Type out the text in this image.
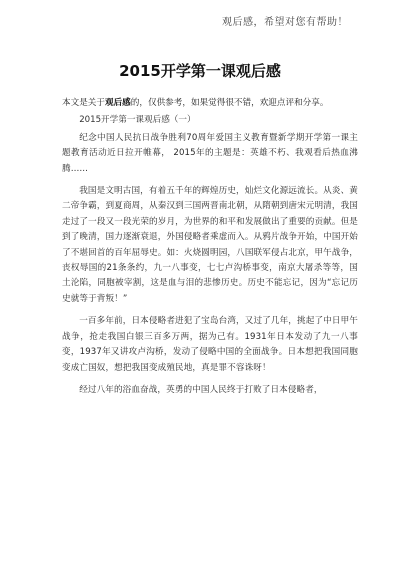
观后感，希望对您有帮助！
2015开学第一课观后感

本文是关于观后感的，仅供参考，如果觉得很不错，欢迎点评和分享。

2015开学第一课观后感（一）

纪念中国人民抗日战争胜利70周年爱国主义教育暨新学期开学第一课主题教育活动近日拉开帷幕， 2015年的主题是：英雄不朽、我观看后热血沸腾……

我国是文明古国，有着五千年的辉煌历史，灿烂文化源远流长。从炎、黄二帝争霸，到夏商周，从秦汉到三国两晋南北朝，从隋朝到唐宋元明清，我国走过了一段又一段光荣的岁月，为世界的和平和发展做出了重要的贡献。但是到了晚清，国力逐渐衰退，外国侵略者乘虚而入。从鸦片战争开始，中国开始了不堪回首的百年屈辱史。如：火烧圆明园，八国联军侵占北京，甲午战争，丧权辱国的21条条约，九一八事变，七七卢沟桥事变，南京大屠杀等等，国土沦陷，同胞被宰割，这是血与泪的悲惨历史。历史不能忘记，因为“忘记历史就等于背叛！”

一百多年前，日本侵略者进犯了宝岛台湾，又过了几年，挑起了中日甲午战争，抢走我国白银三百多万两，据为己有。1931年日本发动了九一八事变，1937年又讲攻卢沟桥，发动了侵略中国的全面战争。日本想把我国同胞变成亡国奴，想把我国变成殖民地，真是罪不容诛呀！

经过八年的浴血奋战，英勇的中国人民终于打败了日本侵略者，
